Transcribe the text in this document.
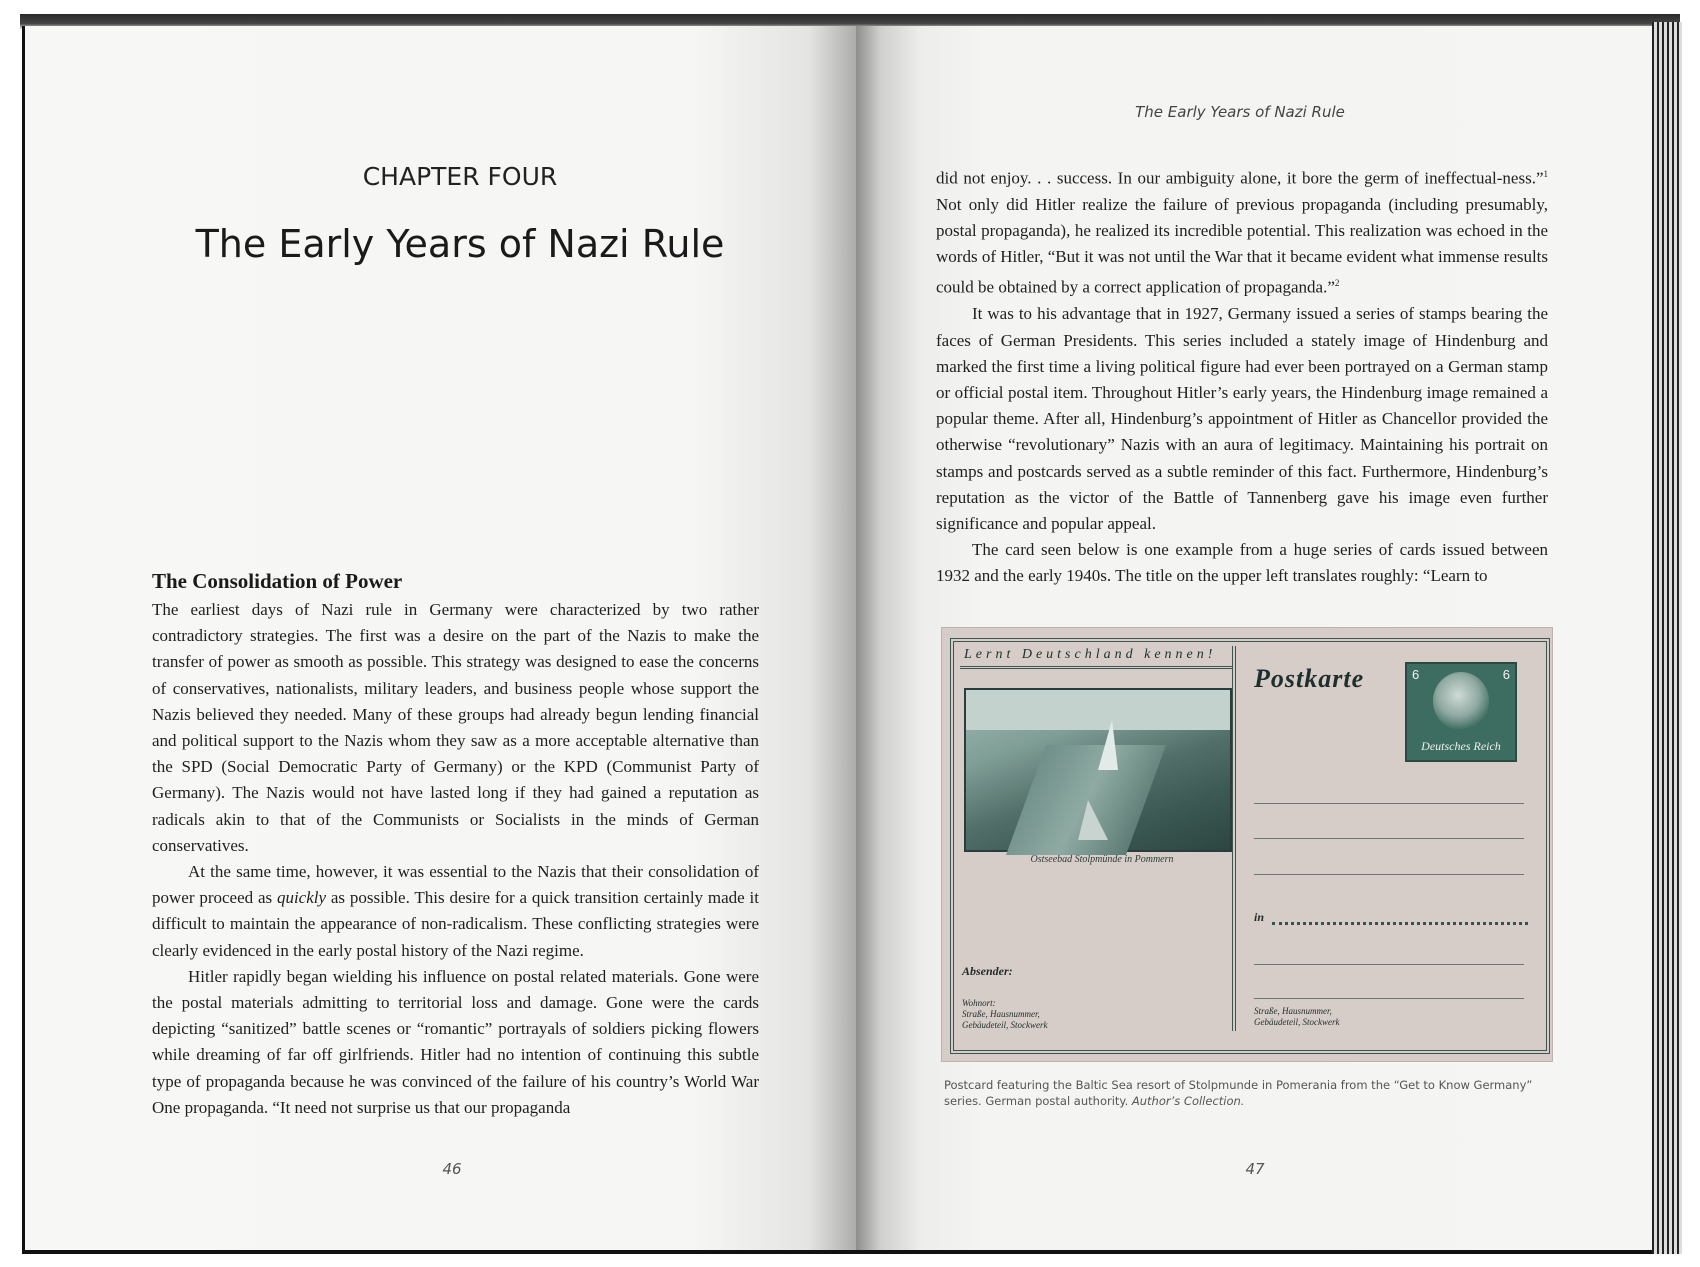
CHAPTER FOUR
The Early Years of Nazi Rule
The Consolidation of Power

The earliest days of Nazi rule in Germany were characterized by two rather contradictory strategies. The first was a desire on the part of the Nazis to make the transfer of power as smooth as possible. This strategy was designed to ease the concerns of conservatives, nationalists, military leaders, and business people whose support the Nazis believed they needed. Many of these groups had already begun lending financial and political support to the Nazis whom they saw as a more acceptable alternative than the SPD (Social Democratic Party of Germany) or the KPD (Communist Party of Germany). The Nazis would not have lasted long if they had gained a reputation as radicals akin to that of the Communists or Socialists in the minds of German conservatives.

At the same time, however, it was essential to the Nazis that their consolidation of power proceed as quickly as possible. This desire for a quick transition certainly made it difficult to maintain the appearance of non-radicalism. These conflicting strategies were clearly evidenced in the early postal history of the Nazi regime.

Hitler rapidly began wielding his influence on postal related materials. Gone were the postal materials admitting to territorial loss and damage. Gone were the cards depicting “sanitized” battle scenes or “romantic” portrayals of soldiers picking flowers while dreaming of far off girlfriends. Hitler had no intention of continuing this subtle type of propaganda because he was convinced of the failure of his country’s World War One propaganda. “It need not surprise us that our propaganda

46
The Early Years of Nazi Rule

did not enjoy. . . success. In our ambiguity alone, it bore the germ of ineffectual-ness.”$^1$ Not only did Hitler realize the failure of previous propaganda (including presumably, postal propaganda), he realized its incredible potential. This realization was echoed in the words of Hitler, “But it was not until the War that it became evident what immense results could be obtained by a correct application of propaganda.”$^2$

It was to his advantage that in 1927, Germany issued a series of stamps bearing the faces of German Presidents. This series included a stately image of Hindenburg and marked the first time a living political figure had ever been portrayed on a German stamp or official postal item. Throughout Hitler’s early years, the Hindenburg image remained a popular theme. After all, Hindenburg’s appointment of Hitler as Chancellor provided the otherwise “revolutionary” Nazis with an aura of legitimacy. Maintaining his portrait on stamps and postcards served as a subtle reminder of this fact. Furthermore, Hindenburg’s reputation as the victor of the Battle of Tannenberg gave his image even further significance and popular appeal.

The card seen below is one example from a huge series of cards issued between 1932 and the early 1940s. The title on the upper left translates roughly: “Learn to

Lernt Deutschland kennen!
Ostseebad Stolpmünde in Pommern
Absender:
Wohnort:
Straße, Hausnummer,
Gebäudeteil, Stockwerk
Postkarte	6	6
Deutsches Reich
in
Straße, Hausnummer,
Gebäudeteil, Stockwerk
Postcard featuring the Baltic Sea resort of Stolpmunde in Pomerania from the “Get to Know Germany” series. German postal authority. Author’s Collection.
47
